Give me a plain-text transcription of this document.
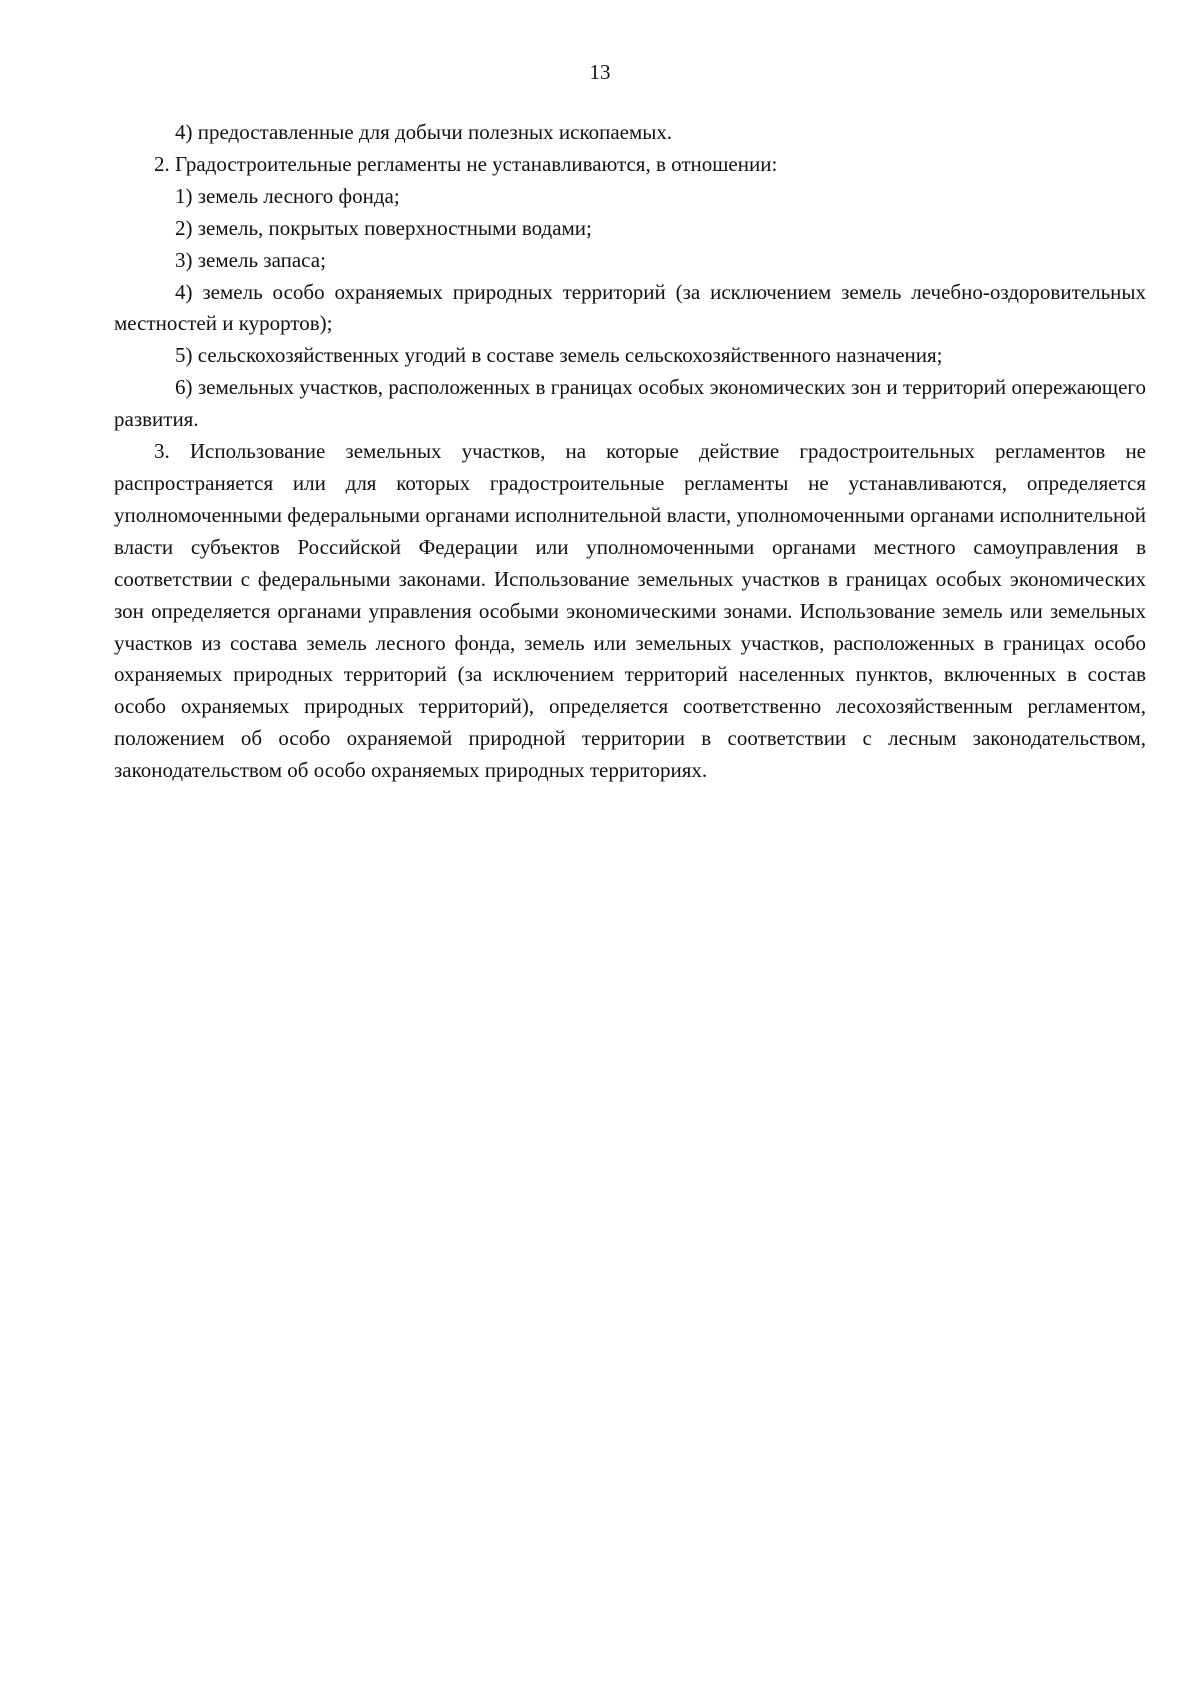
13

4) предоставленные для добычи полезных ископаемых.

2. Градостроительные регламенты не устанавливаются, в отношении:

1) земель лесного фонда;

2) земель, покрытых поверхностными водами;

3) земель запаса;

4) земель особо охраняемых природных территорий (за исключением земель лечебно-оздоровительных местностей и курортов);

5) сельскохозяйственных угодий в составе земель сельскохозяйственного назначения;

6) земельных участков, расположенных в границах особых экономических зон и территорий опережающего развития.

3. Использование земельных участков, на которые действие градостроительных регламентов не распространяется или для которых градостроительные регламенты не устанавливаются, определяется уполномоченными федеральными органами исполнительной власти, уполномоченными органами исполнительной власти субъектов Российской Федерации или уполномоченными органами местного самоуправления в соответствии с федеральными законами. Использование земельных участков в границах особых экономических зон определяется органами управления особыми экономическими зонами. Использование земель или земельных участков из состава земель лесного фонда, земель или земельных участков, расположенных в границах особо охраняемых природных территорий (за исключением территорий населенных пунктов, включенных в состав особо охраняемых природных территорий), определяется соответственно лесохозяйственным регламентом, положением об особо охраняемой природной территории в соответствии с лесным законодательством, законодательством об особо охраняемых природных территориях.
